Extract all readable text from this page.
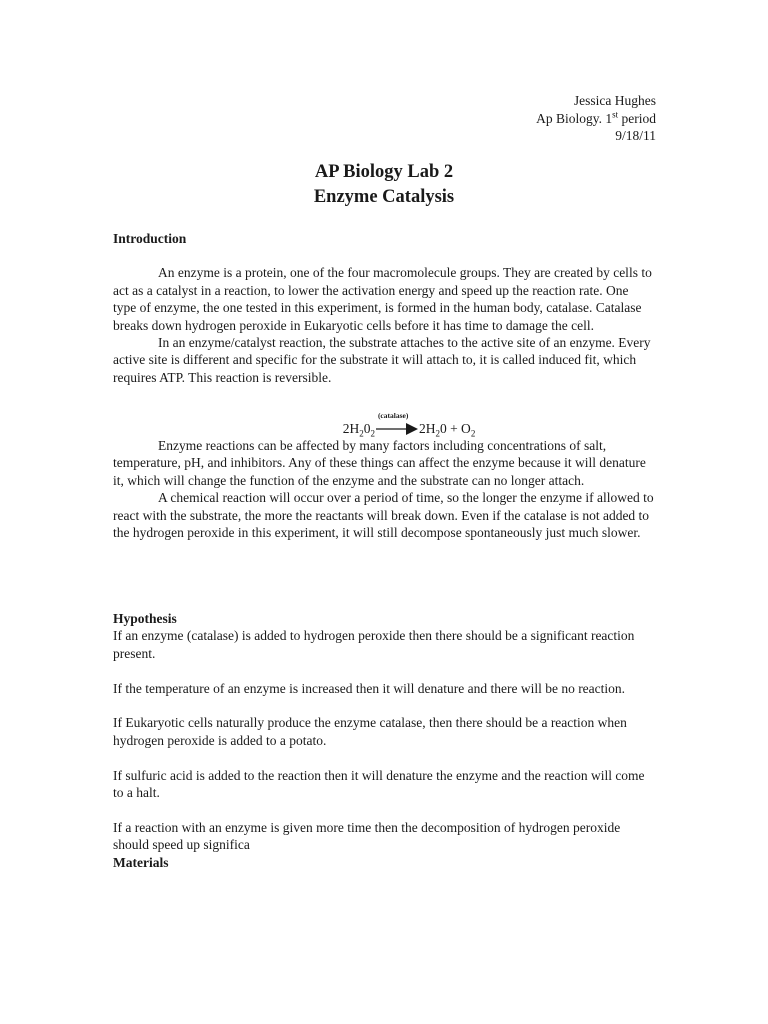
Jessica Hughes
Ap Biology. 1st period
9/18/11
AP Biology Lab 2
Enzyme Catalysis
Introduction

An enzyme is a protein, one of the four macromolecule groups. They are created by cells to act as a catalyst in a reaction, to lower the activation energy and speed up the reaction rate. One type of enzyme, the one tested in this experiment, is formed in the human body, catalase. Catalase breaks down hydrogen peroxide in Eukaryotic cells before it has time to damage the cell.

In an enzyme/catalyst reaction, the substrate attaches to the active site of an enzyme. Every active site is different and specific for the substrate it will attach to, it is called induced fit, which requires ATP. This reaction is reversible.

$2H_20_2$
(catalase)
$2H_20 + O_2$

Enzyme reactions can be affected by many factors including concentrations of salt, temperature, pH, and inhibitors. Any of these things can affect the enzyme because it will denature it, which will change the function of the enzyme and the substrate can no longer attach.

A chemical reaction will occur over a period of time, so the longer the enzyme if allowed to react with the substrate, the more the reactants will break down. Even if the catalase is not added to the hydrogen peroxide in this experiment, it will still decompose spontaneously just much slower.

Hypothesis

If an enzyme (catalase) is added to hydrogen peroxide then there should be a significant reaction present.

If the temperature of an enzyme is increased then it will denature and there will be no reaction.

If Eukaryotic cells naturally produce the enzyme catalase, then there should be a reaction when hydrogen peroxide is added to a potato.

If sulfuric acid is added to the reaction then it will denature the enzyme and the reaction will come to a halt.

If a reaction with an enzyme is given more time then the decomposition of hydrogen peroxide should speed up significa

Materials
